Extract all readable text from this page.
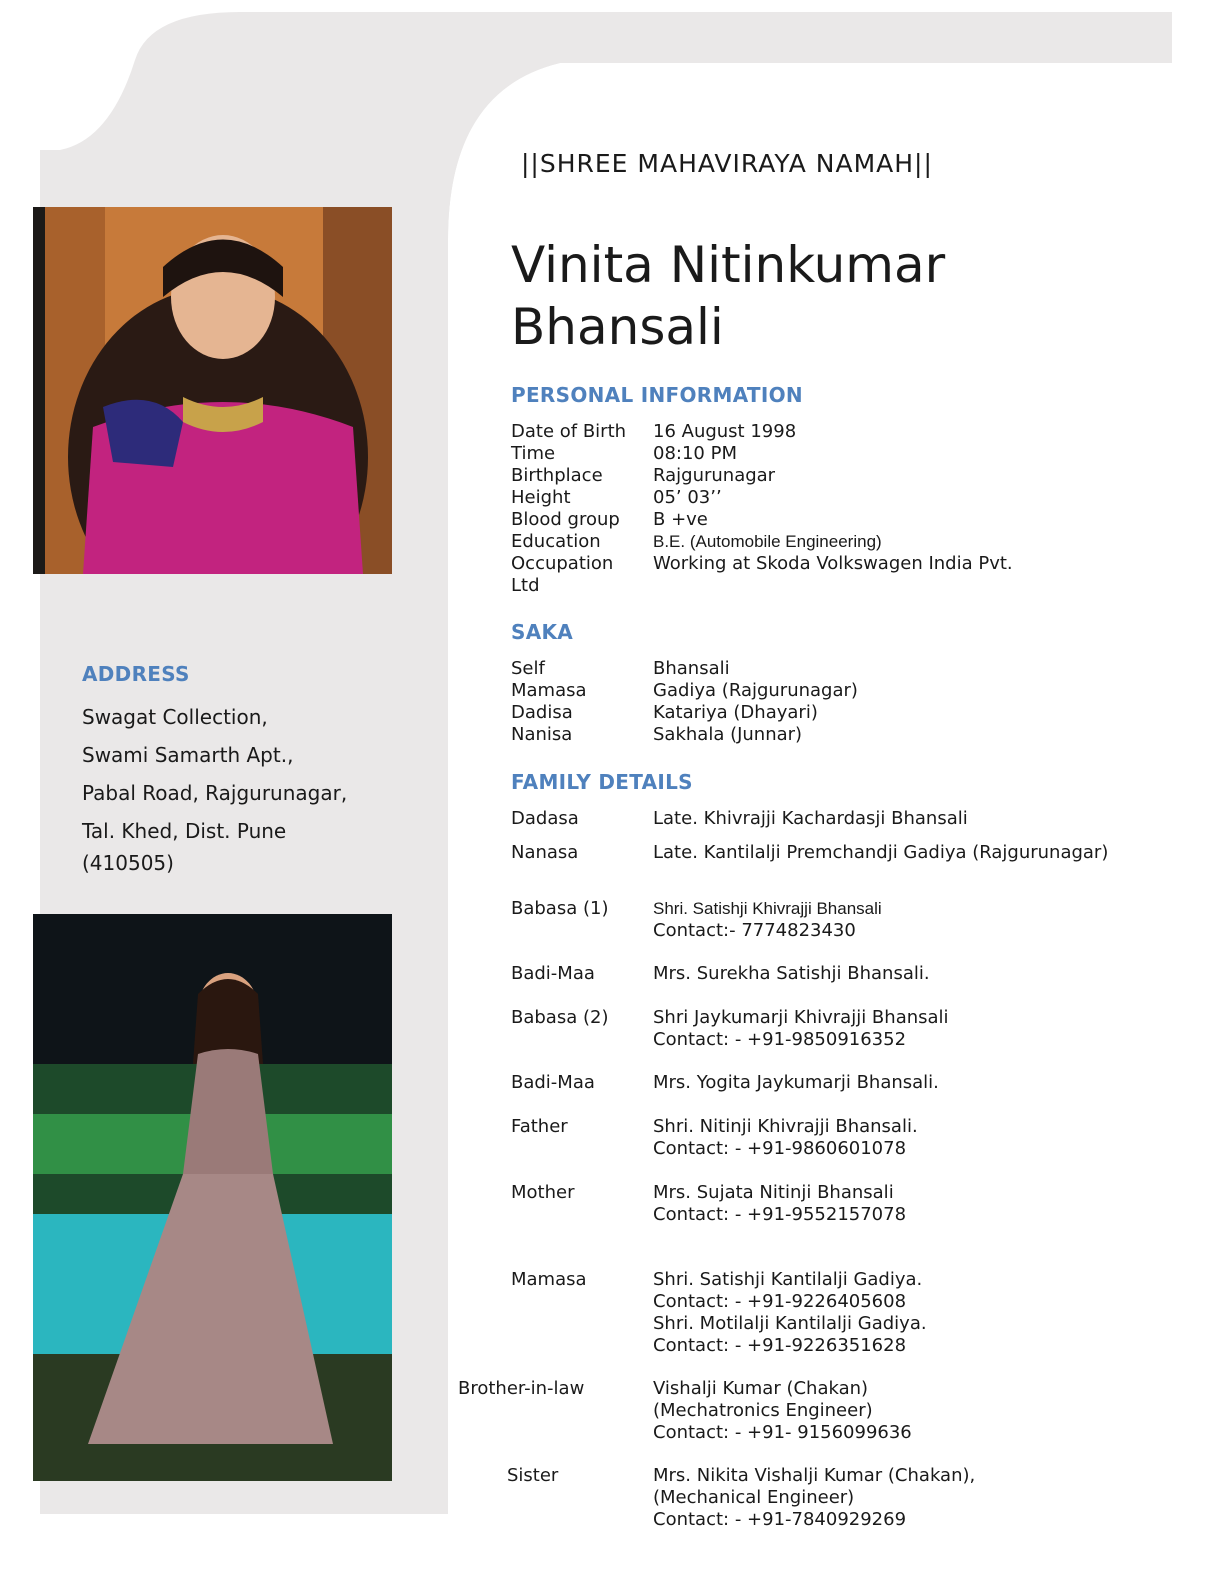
ADDRESS
Swagat Collection,
Swami Samarth Apt.,
Pabal Road, Rajgurunagar,
Tal. Khed, Dist. Pune
(410505)
||SHREE MAHAVIRAYA NAMAH||
Vinita Nitinkumar
Bhansali
PERSONAL INFORMATION
Date of Birth	16 August 1998
Time	08:10 PM
Birthplace	Rajgurunagar
Height	05’ 03’’
Blood group	B +ve
Education	B.E. (Automobile Engineering)
Occupation	Working at Skoda Volkswagen India Pvt.
Ltd
SAKA
Self	Bhansali
Mamasa	Gadiya (Rajgurunagar)
Dadisa	Katariya (Dhayari)
Nanisa	Sakhala (Junnar)
FAMILY DETAILS
Dadasa	Late. Khivrajji Kachardasji Bhansali
Nanasa	Late. Kantilalji Premchandji Gadiya (Rajgurunagar)
Babasa (1)	Shri. Satishji Khivrajji Bhansali
Contact:- 7774823430
Badi-Maa	Mrs. Surekha Satishji Bhansali.
Babasa (2)	Shri Jaykumarji Khivrajji Bhansali
Contact: - +91-9850916352
Badi-Maa	Mrs. Yogita Jaykumarji Bhansali.
Father	Shri. Nitinji Khivrajji Bhansali.
Contact: - +91-9860601078
Mother	Mrs. Sujata Nitinji Bhansali
Contact: - +91-9552157078
Mamasa	Shri. Satishji Kantilalji Gadiya.
Contact: - +91-9226405608
Shri. Motilalji Kantilalji Gadiya.
Contact: - +91-9226351628
Brother-in-law	Vishalji Kumar (Chakan)
(Mechatronics Engineer)
Contact: - +91- 9156099636
Sister	Mrs. Nikita Vishalji Kumar (Chakan),
(Mechanical Engineer)
Contact: - +91-7840929269
